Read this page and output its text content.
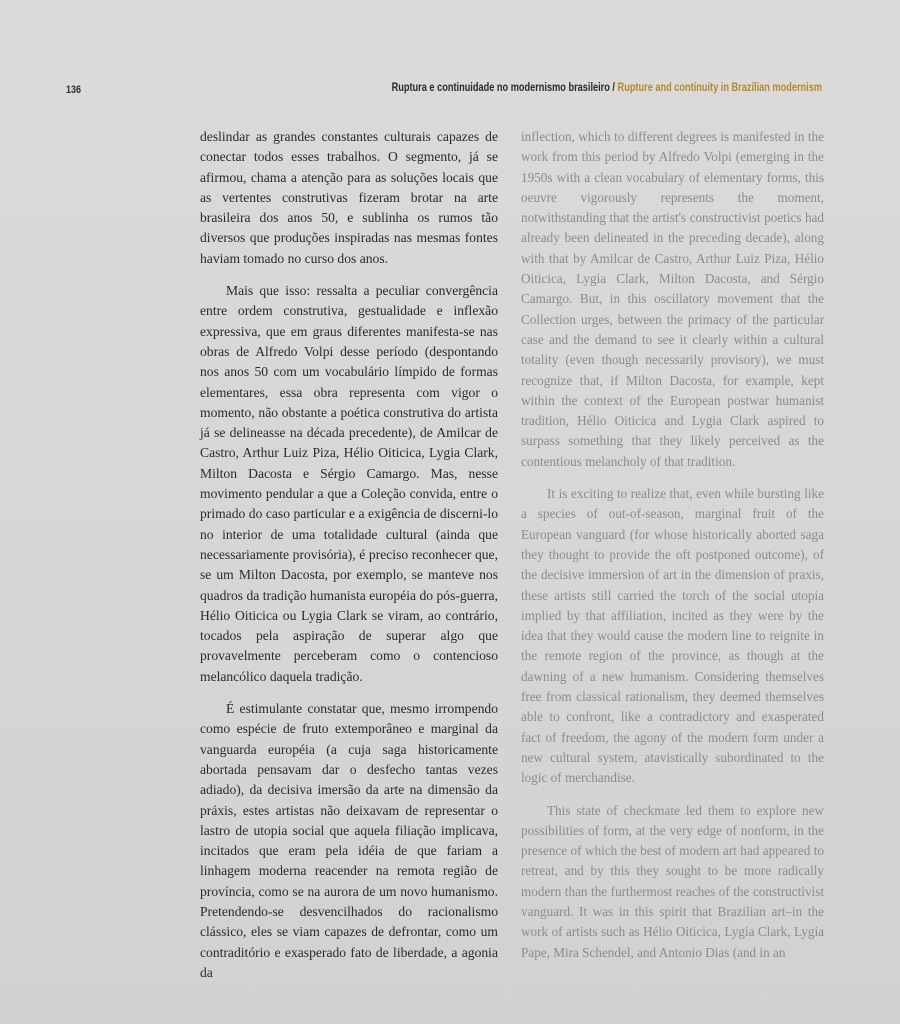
136	Ruptura e continuidade no modernismo brasileiro / Rupture and continuity in Brazilian modernism

deslindar as grandes constantes culturais capazes de conectar todos esses trabalhos. O segmento, já se afirmou, chama a atenção para as soluções locais que as vertentes construtivas fizeram brotar na arte brasileira dos anos 50, e sublinha os rumos tão diversos que produções inspiradas nas mesmas fontes haviam tomado no curso dos anos.

Mais que isso: ressalta a peculiar convergência entre ordem construtiva, gestualidade e inflexão expressiva, que em graus diferentes manifesta-se nas obras de Alfredo Volpi desse período (despontando nos anos 50 com um vocabulário límpido de formas elementares, essa obra representa com vigor o momento, não obstante a poética construtiva do artista já se delineasse na década precedente), de Amilcar de Castro, Arthur Luiz Piza, Hélio Oiticica, Lygia Clark, Milton Dacosta e Sérgio Camargo. Mas, nesse movimento pendular a que a Coleção convida, entre o primado do caso particular e a exigência de discerni-lo no interior de uma totalidade cultural (ainda que necessariamente provisória), é preciso reconhecer que, se um Milton Dacosta, por exemplo, se manteve nos quadros da tradição humanista européia do pós-guerra, Hélio Oiticica ou Lygia Clark se viram, ao contrário, tocados pela aspiração de superar algo que provavelmente perceberam como o contencioso melancólico daquela tradição.

É estimulante constatar que, mesmo irrompendo como espécie de fruto extemporâneo e marginal da vanguarda européia (a cuja saga historicamente abortada pensavam dar o desfecho tantas vezes adiado), da decisiva imersão da arte na dimensão da práxis, estes artistas não deixavam de representar o lastro de utopia social que aquela filiação implicava, incitados que eram pela idéia de que fariam a linhagem moderna reacender na remota região de província, como se na aurora de um novo humanismo. Pretendendo-se desvencilhados do racionalismo clássico, eles se viam capazes de defrontar, como um contraditório e exasperado fato de liberdade, a agonia da

inflection, which to different degrees is manifested in the work from this period by Alfredo Volpi (emerging in the 1950s with a clean vocabulary of elementary forms, this oeuvre vigorously represents the moment, notwithstanding that the artist's constructivist poetics had already been delineated in the preceding decade), along with that by Amilcar de Castro, Arthur Luiz Piza, Hélio Oiticica, Lygia Clark, Milton Dacosta, and Sérgio Camargo. But, in this oscillatory movement that the Collection urges, between the primacy of the particular case and the demand to see it clearly within a cultural totality (even though necessarily provisory), we must recognize that, if Milton Dacosta, for example, kept within the context of the European postwar humanist tradition, Hélio Oiticica and Lygia Clark aspired to surpass something that they likely perceived as the contentious melancholy of that tradition.

It is exciting to realize that, even while bursting like a species of out-of-season, marginal fruit of the European vanguard (for whose historically aborted saga they thought to provide the oft postponed outcome), of the decisive immersion of art in the dimension of praxis, these artists still carried the torch of the social utopia implied by that affiliation, incited as they were by the idea that they would cause the modern line to reignite in the remote region of the province, as though at the dawning of a new humanism. Considering themselves free from classical rationalism, they deemed themselves able to confront, like a contradictory and exasperated fact of freedom, the agony of the modern form under a new cultural system, atavistically subordinated to the logic of merchandise.

This state of checkmate led them to explore new possibilities of form, at the very edge of nonform, in the presence of which the best of modern art had appeared to retreat, and by this they sought to be more radically modern than the furthermost reaches of the constructivist vanguard. It was in this spirit that Brazilian art–in the work of artists such as Hélio Oiticica, Lygia Clark, Lygia Pape, Mira Schendel, and Antonio Dias (and in an
